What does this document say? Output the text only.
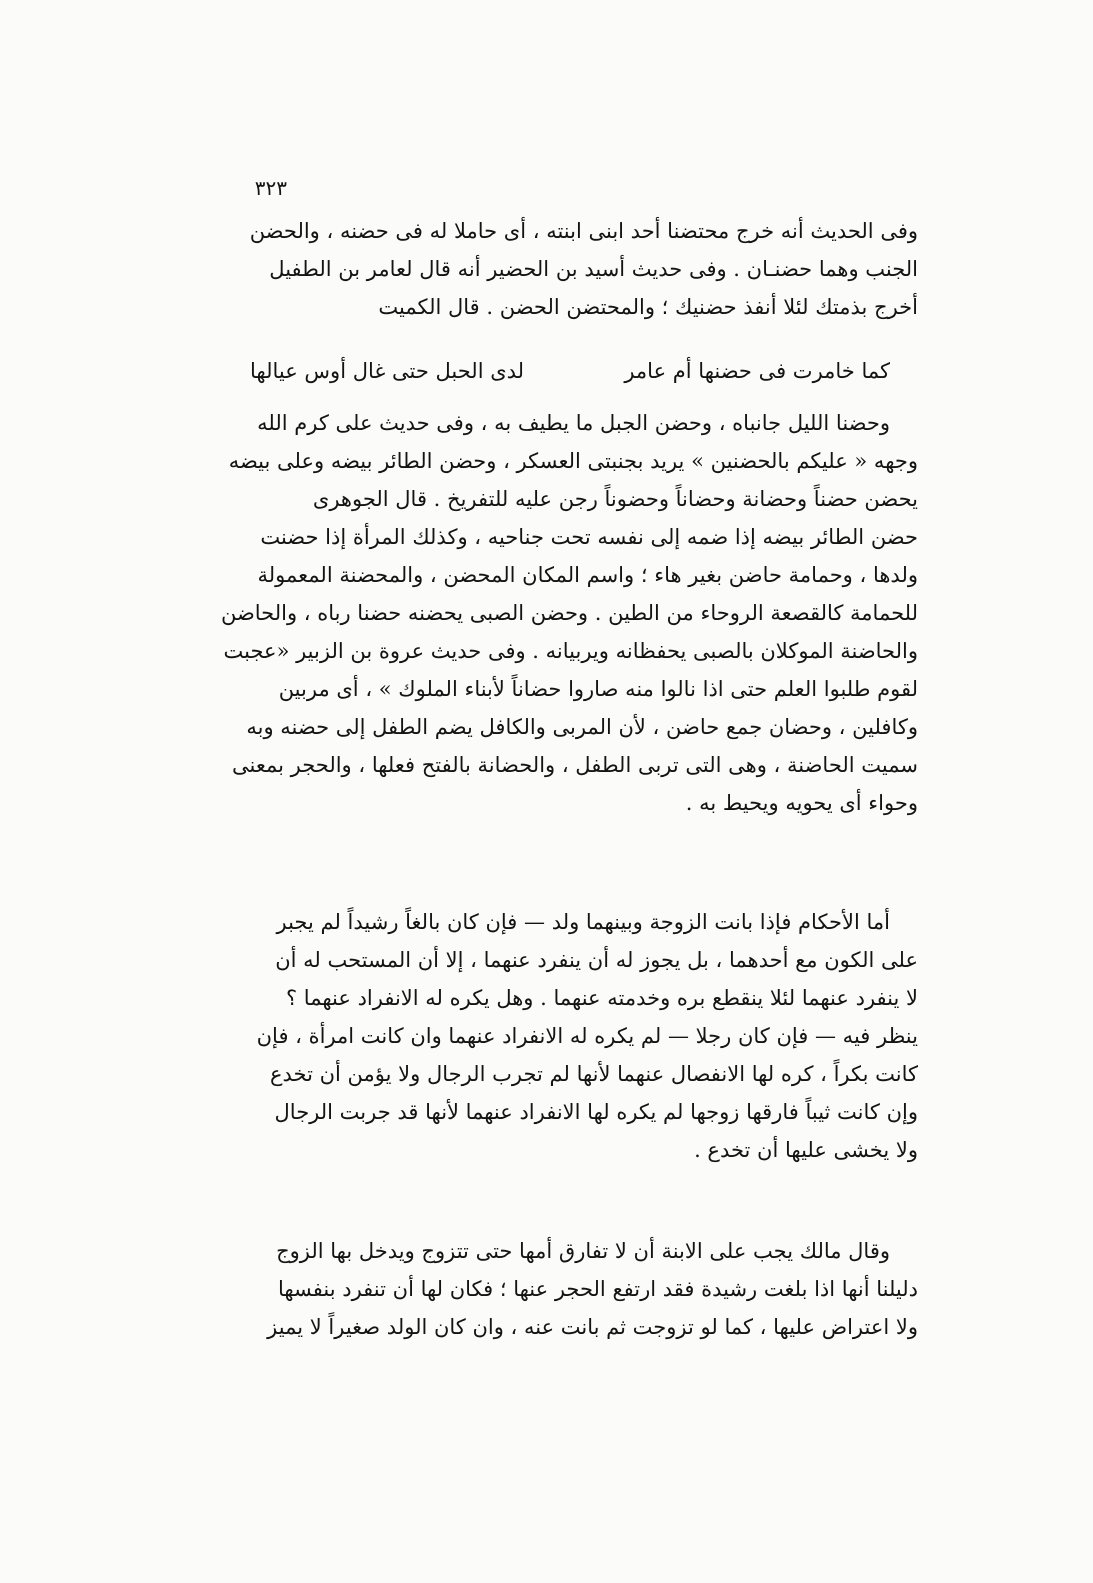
٣٢٣
وفى الحديث أنه خرج محتضنا أحد ابنى ابنته ، أى حاملا له فى حضنه ، والحضن
الجنب وهما حضنـان . وفى حديث أسيد بن الحضير أنه قال لعامر بن الطفيل
أخرج بذمتك لئلا أنفذ حضنيك ؛ والمحتضن الحضن . قال الكميت
كما خامرت فى حضنها أم عامر
لدى الحبل حتى غال أوس عيالها
وحضنا الليل جانباه ، وحضن الجبل ما يطيف به ، وفى حديث على كرم الله
وجهه « عليكم بالحضنين » يريد بجنبتى العسكر ، وحضن الطائر بيضه وعلى بيضه
يحضن حضناً وحضانة وحضاناً وحضوناً رجن عليه للتفريخ . قال الجوهرى
حضن الطائر بيضه إذا ضمه إلى نفسه تحت جناحيه ، وكذلك المرأة إذا حضنت
ولدها ، وحمامة حاضن بغير هاء ؛ واسم المكان المحضن ، والمحضنة المعمولة
للحمامة كالقصعة الروحاء من الطين . وحضن الصبى يحضنه حضنا رباه ، والحاضن
والحاضنة الموكلان بالصبى يحفظانه ويربيانه . وفى حديث عروة بن الزبير «عجبت
لقوم طلبوا العلم حتى اذا نالوا منه صاروا حضاناً لأبناء الملوك » ، أى مربين
وكافلين ، وحضان جمع حاضن ، لأن المربى والكافل يضم الطفل إلى حضنه وبه
سميت الحاضنة ، وهى التى تربى الطفل ، والحضانة بالفتح فعلها ، والحجر بمعنى
وحواء أى يحويه ويحيط به .
أما الأحكام فإذا بانت الزوجة وبينهما ولد — فإن كان بالغاً رشيداً لم يجبر
على الكون مع أحدهما ، بل يجوز له أن ينفرد عنهما ، إلا أن المستحب له أن
لا ينفرد عنهما لئلا ينقطع بره وخدمته عنهما . وهل يكره له الانفراد عنهما ؟
ينظر فيه — فإن كان رجلا — لم يكره له الانفراد عنهما وان كانت امرأة ، فإن
كانت بكراً ، كره لها الانفصال عنهما لأنها لم تجرب الرجال ولا يؤمن أن تخدع
وإن كانت ثيباً فارقها زوجها لم يكره لها الانفراد عنهما لأنها قد جربت الرجال
ولا يخشى عليها أن تخدع .
وقال مالك يجب على الابنة أن لا تفارق أمها حتى تتزوج ويدخل بها الزوج
دليلنا أنها اذا بلغت رشيدة فقد ارتفع الحجر عنها ؛ فكان لها أن تنفرد بنفسها
ولا اعتراض عليها ، كما لو تزوجت ثم بانت عنه ، وان كان الولد صغيراً لا يميز
